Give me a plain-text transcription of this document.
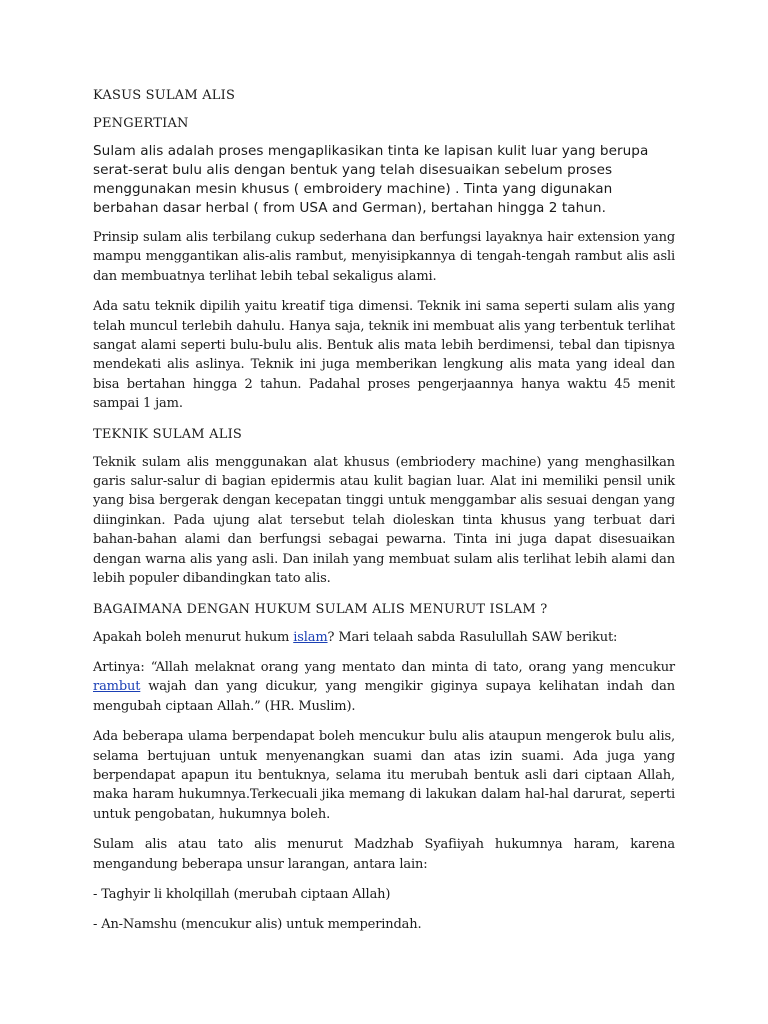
KASUS SULAM ALIS

PENGERTIAN

Sulam alis adalah proses mengaplikasikan tinta ke lapisan kulit luar yang berupa serat-serat bulu alis dengan bentuk yang telah disesuaikan sebelum proses menggunakan mesin khusus ( embroidery machine) . Tinta yang digunakan berbahan dasar herbal ( from USA and German), bertahan hingga 2 tahun.

Prinsip sulam alis terbilang cukup sederhana dan berfungsi layaknya hair extension yang mampu menggantikan alis-alis rambut, menyisipkannya di tengah-tengah rambut alis asli dan membuatnya terlihat lebih tebal sekaligus alami.

Ada satu teknik dipilih yaitu kreatif tiga dimensi. Teknik ini sama seperti sulam alis yang telah muncul terlebih dahulu. Hanya saja, teknik ini membuat alis yang terbentuk terlihat sangat alami seperti bulu-bulu alis. Bentuk alis mata lebih berdimensi, tebal dan tipisnya mendekati alis aslinya. Teknik ini juga memberikan lengkung alis mata yang ideal dan bisa bertahan hingga 2 tahun. Padahal proses pengerjaannya hanya waktu 45 menit sampai 1 jam.

TEKNIK SULAM ALIS

Teknik sulam alis menggunakan alat khusus (embriodery machine) yang menghasilkan garis salur-salur di bagian epidermis atau kulit bagian luar. Alat ini memiliki pensil unik yang bisa bergerak dengan kecepatan tinggi untuk menggambar alis sesuai dengan yang diinginkan. Pada ujung alat tersebut telah dioleskan tinta khusus yang terbuat dari bahan-bahan alami dan berfungsi sebagai pewarna. Tinta ini juga dapat disesuaikan dengan warna alis yang asli. Dan inilah yang membuat sulam alis terlihat lebih alami dan lebih populer dibandingkan tato alis.

BAGAIMANA DENGAN HUKUM SULAM ALIS MENURUT ISLAM ?

Apakah boleh menurut hukum islam? Mari telaah sabda Rasulullah SAW berikut:

Artinya: “Allah melaknat orang yang mentato dan minta di tato, orang yang mencukur rambut wajah dan yang dicukur, yang mengikir giginya supaya kelihatan indah dan mengubah ciptaan Allah.” (HR. Muslim).

Ada beberapa ulama berpendapat boleh mencukur bulu alis ataupun mengerok bulu alis, selama bertujuan untuk menyenangkan suami dan atas izin suami. Ada juga yang berpendapat apapun itu bentuknya, selama itu merubah bentuk asli dari ciptaan Allah, maka haram hukumnya.Terkecuali jika memang di lakukan dalam hal-hal darurat, seperti untuk pengobatan, hukumnya boleh.

Sulam alis atau tato alis menurut Madzhab Syafiiyah hukumnya haram, karena mengandung beberapa unsur larangan, antara lain:

- Taghyir li kholqillah (merubah ciptaan Allah)

- An-Namshu (mencukur alis) untuk memperindah.
